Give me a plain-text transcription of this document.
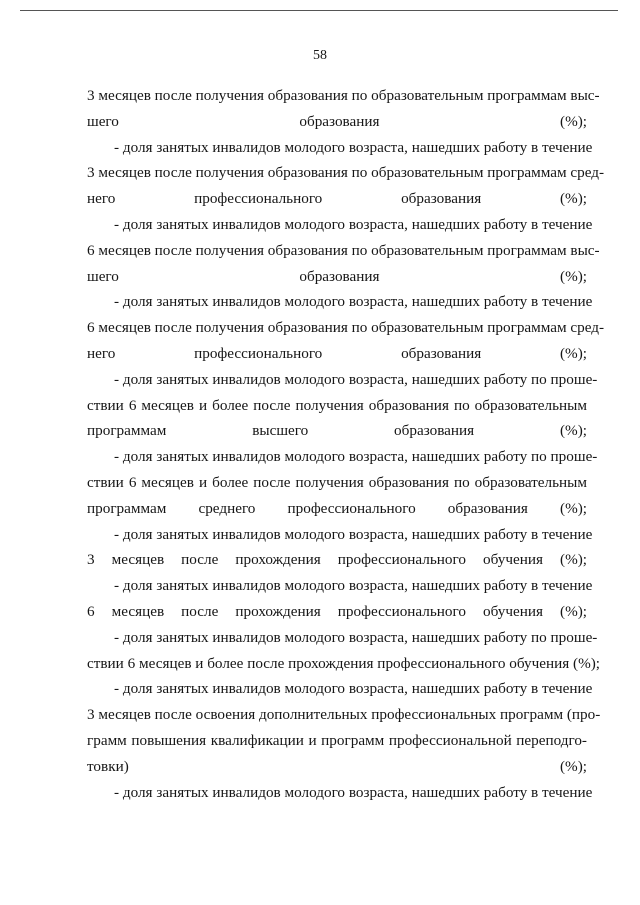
58
3 месяцев после получения образования по образовательным программам выс-
шего образования (%);
- доля занятых инвалидов молодого возраста, нашедших работу в течение
3 месяцев после получения образования по образовательным программам сред-
него профессионального образования (%);
- доля занятых инвалидов молодого возраста, нашедших работу в течение
6 месяцев после получения образования по образовательным программам выс-
шего образования (%);
- доля занятых инвалидов молодого возраста, нашедших работу в течение
6 месяцев после получения образования по образовательным программам сред-
него профессионального образования (%);
- доля занятых инвалидов молодого возраста, нашедших работу по проше-
ствии 6 месяцев и более после получения образования по образовательным
программам высшего образования (%);
- доля занятых инвалидов молодого возраста, нашедших работу по проше-
ствии 6 месяцев и более после получения образования по образовательным
программам среднего профессионального образования (%);
- доля занятых инвалидов молодого возраста, нашедших работу в течение
3 месяцев после прохождения профессионального обучения (%);
- доля занятых инвалидов молодого возраста, нашедших работу в течение
6 месяцев после прохождения профессионального обучения (%);
- доля занятых инвалидов молодого возраста, нашедших работу по проше-
ствии 6 месяцев и более после прохождения профессионального обучения (%);
- доля занятых инвалидов молодого возраста, нашедших работу в течение
3 месяцев после освоения дополнительных профессиональных программ (про-
грамм повышения квалификации и программ профессиональной переподго-
товки) (%);
- доля занятых инвалидов молодого возраста, нашедших работу в течение
